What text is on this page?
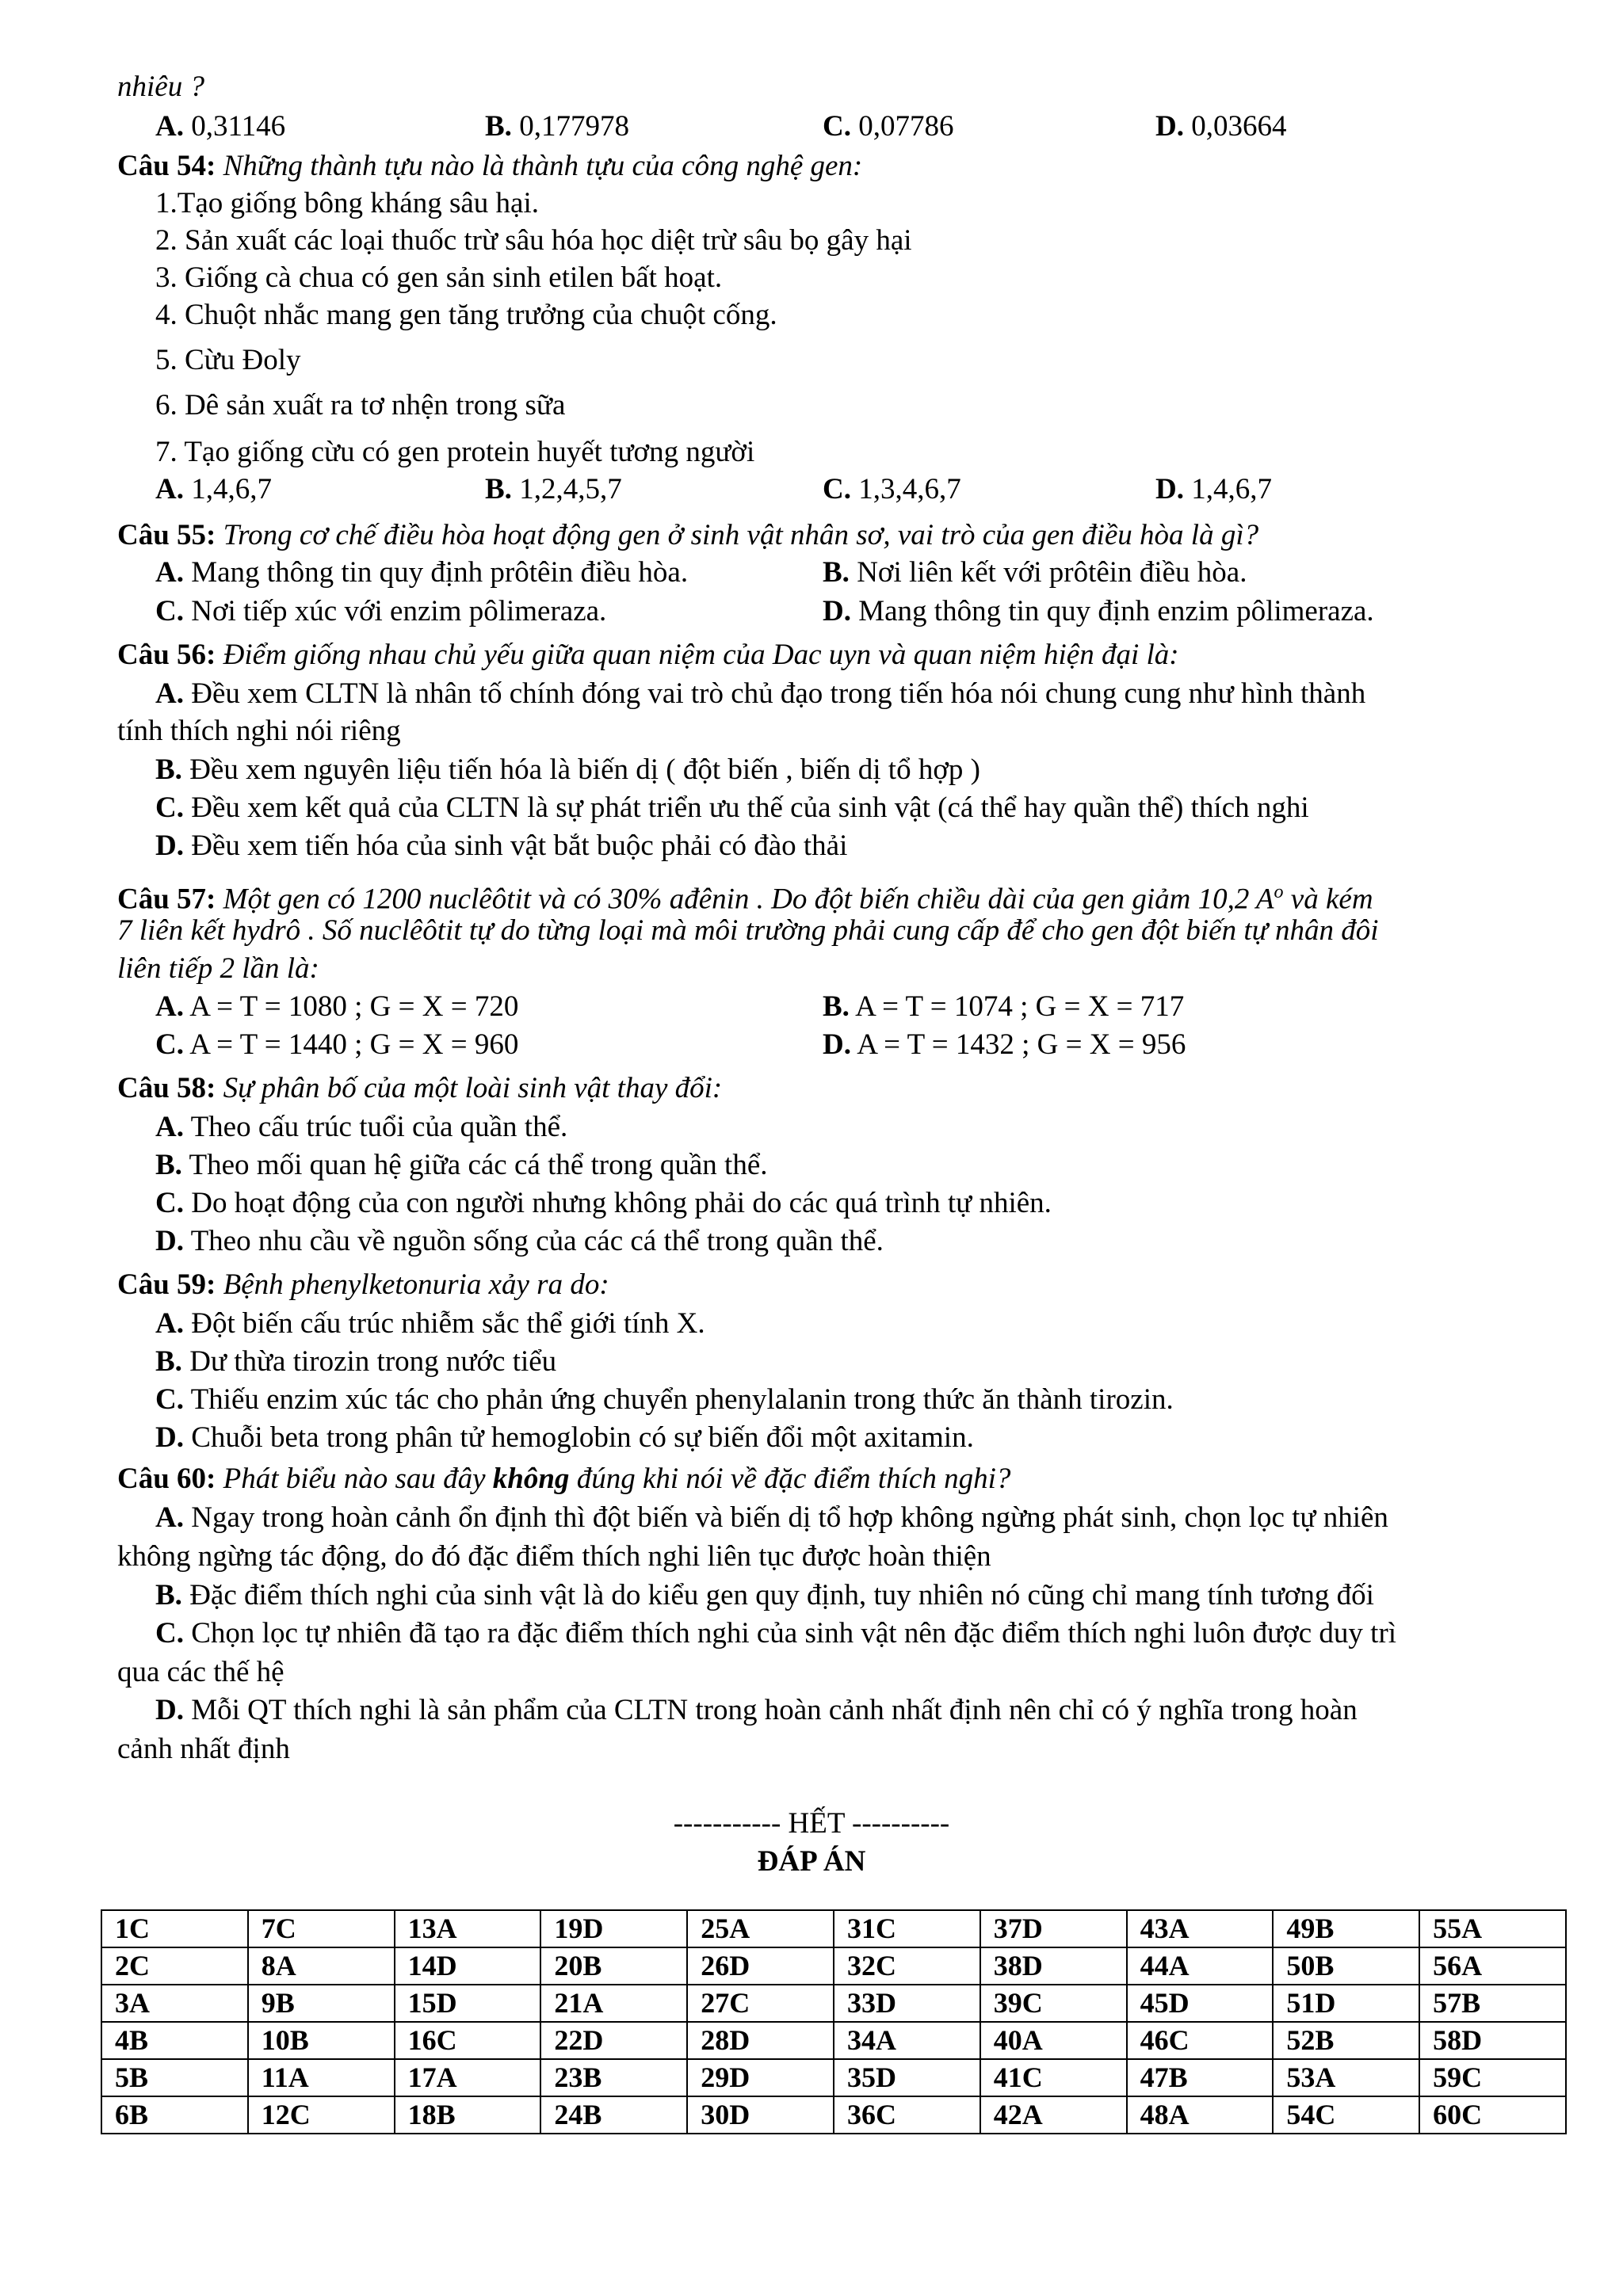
nhiêu ?
A. 0,31146	B. 0,177978	C. 0,07786	D. 0,03664
Câu 54: Những thành tựu nào là thành tựu của công nghệ gen:
1.Tạo giống bông kháng sâu hại.
2. Sản xuất các loại thuốc trừ sâu hóa học diệt trừ sâu bọ gây hại
3. Giống cà chua có gen sản sinh etilen bất hoạt.
4. Chuột nhắc mang gen tăng trưởng của chuột cống.
5. Cừu Đoly
6. Dê sản xuất ra tơ nhện trong sữa
7. Tạo giống cừu có gen protein huyết tương người
A. 1,4,6,7	B. 1,2,4,5,7	C. 1,3,4,6,7	D. 1,4,6,7
Câu 55: Trong cơ chế điều hòa hoạt động gen ở sinh vật nhân sơ, vai trò của gen điều hòa là gì?
A. Mang thông tin quy định prôtêin điều hòa.	B. Nơi liên kết với prôtêin điều hòa.
C. Nơi tiếp xúc với enzim pôlimeraza.	D. Mang thông tin quy định enzim pôlimeraza.
Câu 56: Điểm giống nhau chủ yếu giữa quan niệm của Dac uyn và quan niệm hiện đại là:
A. Đều xem CLTN là nhân tố chính đóng vai trò chủ đạo trong tiến hóa nói chung cung như hình thành
tính thích nghi nói riêng
B. Đều xem nguyên liệu tiến hóa là biến dị ( đột biến , biến dị tổ hợp )
C. Đều xem kết quả của CLTN là sự phát triển ưu thế của sinh vật (cá thể hay quần thể) thích nghi
D. Đều xem tiến hóa của sinh vật bắt buộc phải có đào thải
Câu 57: Một gen có 1200 nuclêôtit và có 30% ađênin . Do đột biến chiều dài của gen giảm 10,2 $A^o$ và kém
7 liên kết hydrô . Số nuclêôtit tự do từng loại mà môi trường phải cung cấp để cho gen đột biến tự nhân đôi
liên tiếp 2 lần là:
A. A = T = 1080 ; G = X = 720	B. A = T = 1074 ; G = X = 717
C. A = T = 1440 ; G = X = 960	D. A = T = 1432 ; G = X = 956
Câu 58: Sự phân bố của một loài sinh vật thay đổi:
A. Theo cấu trúc tuổi của quần thể.
B. Theo mối quan hệ giữa các cá thể trong quần thể.
C. Do hoạt động của con người nhưng không phải do các quá trình tự nhiên.
D. Theo nhu cầu về nguồn sống của các cá thể trong quần thể.
Câu 59: Bệnh phenylketonuria xảy ra do:
A. Đột biến cấu trúc nhiễm sắc thể giới tính X.
B. Dư thừa tirozin trong nước tiểu
C. Thiếu enzim xúc tác cho phản ứng chuyển phenylalanin trong thức ăn thành tirozin.
D. Chuỗi beta trong phân tử hemoglobin có sự biến đổi một axitamin.
Câu 60: Phát biểu nào sau đây không đúng khi nói về đặc điểm thích nghi?
A. Ngay trong hoàn cảnh ổn định thì đột biến và biến dị tổ hợp không ngừng phát sinh, chọn lọc tự nhiên
không ngừng tác động, do đó đặc điểm thích nghi liên tục được hoàn thiện
B. Đặc điểm thích nghi của sinh vật là do kiểu gen quy định, tuy nhiên nó cũng chỉ mang tính tương đối
C. Chọn lọc tự nhiên đã tạo ra đặc điểm thích nghi của sinh vật nên đặc điểm thích nghi luôn được duy trì
qua các thế hệ
D. Mỗi QT thích nghi là sản phẩm của CLTN trong hoàn cảnh nhất định nên chỉ có ý nghĩa trong hoàn
cảnh nhất định
----------- HẾT ----------
ĐÁP ÁN
1C	7C	13A	19D	25A	31C	37D	43A	49B	55A
2C	8A	14D	20B	26D	32C	38D	44A	50B	56A
3A	9B	15D	21A	27C	33D	39C	45D	51D	57B
4B	10B	16C	22D	28D	34A	40A	46C	52B	58D
5B	11A	17A	23B	29D	35D	41C	47B	53A	59C
6B	12C	18B	24B	30D	36C	42A	48A	54C	60C
